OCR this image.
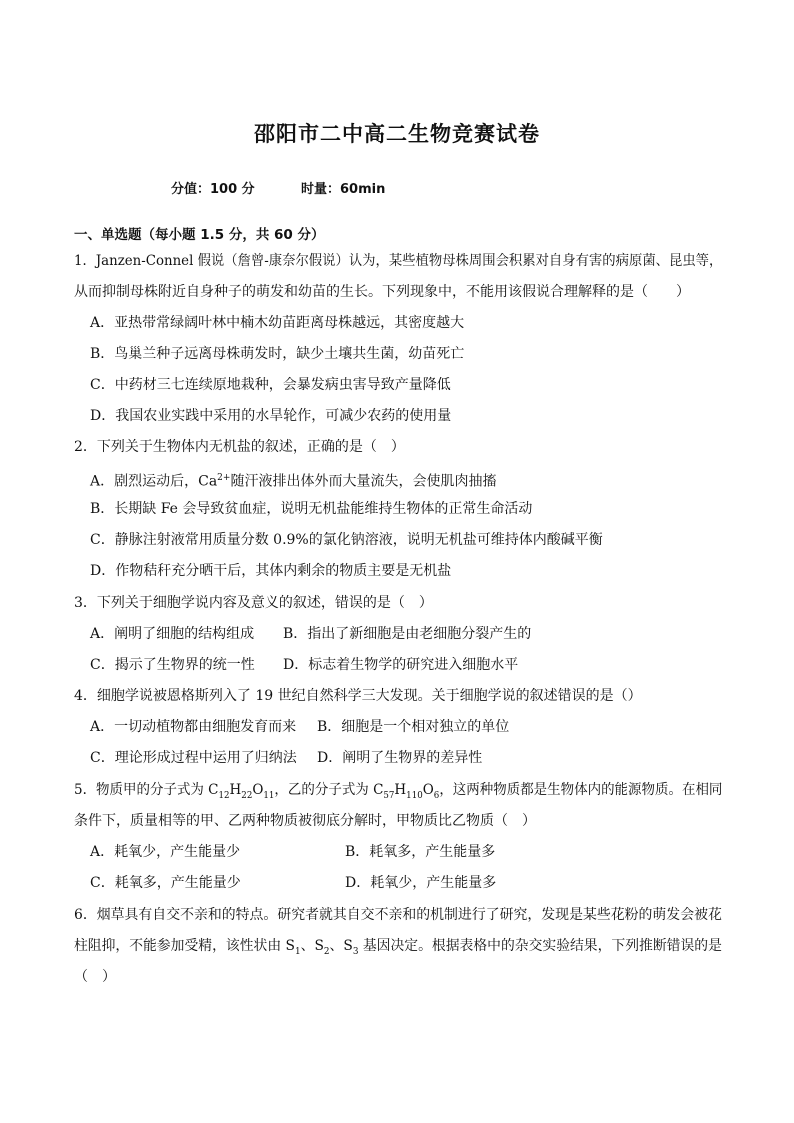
邵阳市二中高二生物竞赛试卷
分值：100 分	时量：60min
一、单选题（每小题 1.5 分，共 60 分）
1．Janzen-Connel 假说（詹曾-康奈尔假说）认为，某些植物母株周围会积累对自身有害的病原菌、昆虫等，
从而抑制母株附近自身种子的萌发和幼苗的生长。下列现象中，不能用该假说合理解释的是（　　）
A．亚热带常绿阔叶林中楠木幼苗距离母株越远，其密度越大
B．鸟巢兰种子远离母株萌发时，缺少土壤共生菌，幼苗死亡
C．中药材三七连续原地栽种，会暴发病虫害导致产量降低
D．我国农业实践中采用的水旱轮作，可减少农药的使用量
2．下列关于生物体内无机盐的叙述，正确的是（　）
A．剧烈运动后，$Ca^{2+}$随汗液排出体外而大量流失，会使肌肉抽搐
B．长期缺 Fe 会导致贫血症，说明无机盐能维持生物体的正常生命活动
C．静脉注射液常用质量分数 0.9%的氯化钠溶液，说明无机盐可维持体内酸碱平衡
D．作物秸秆充分晒干后，其体内剩余的物质主要是无机盐
3．下列关于细胞学说内容及意义的叙述，错误的是（　）
A．阐明了细胞的结构组成 B．指出了新细胞是由老细胞分裂产生的
C．揭示了生物界的统一性 D．标志着生物学的研究进入细胞水平
4．细胞学说被恩格斯列入了 19 世纪自然科学三大发现。关于细胞学说的叙述错误的是（）
A．一切动植物都由细胞发育而来 B．细胞是一个相对独立的单位
C．理论形成过程中运用了归纳法 D．阐明了生物界的差异性
5．物质甲的分子式为 $C_{12}H_{22}O_{11}$，乙的分子式为 $C_{57}H_{110}O_6$，这两种物质都是生物体内的能源物质。在相同
条件下，质量相等的甲、乙两种物质被彻底分解时，甲物质比乙物质（　）
A．耗氧少，产生能量少	B．耗氧多，产生能量多
C．耗氧多，产生能量少	D．耗氧少，产生能量多
6．烟草具有自交不亲和的特点。研究者就其自交不亲和的机制进行了研究，发现是某些花粉的萌发会被花
柱阻抑，不能参加受精，该性状由 $S_1$、$S_2$、$S_3$ 基因决定。根据表格中的杂交实验结果，下列推断错误的是
（　）
